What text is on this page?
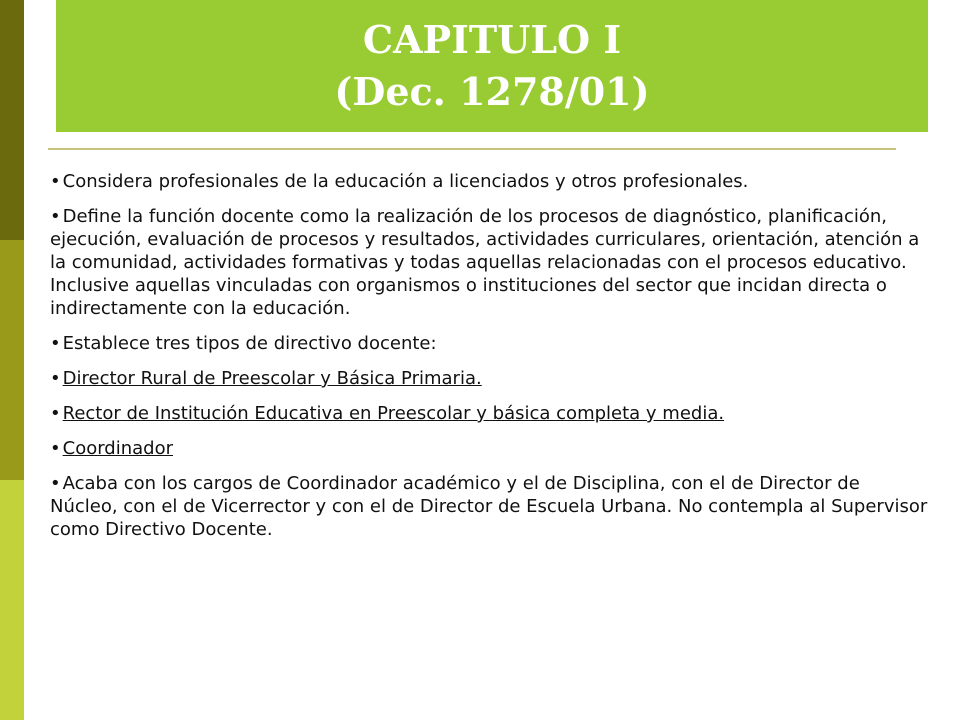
CAPITULO I
(Dec. 1278/01)

• Considera profesionales de la educación a licenciados y otros profesionales.

• Define la función docente como la realización de los procesos de diagnóstico, planificación, ejecución, evaluación de procesos y resultados, actividades curriculares, orientación, atención a la comunidad, actividades formativas y todas aquellas relacionadas con el procesos educativo. Inclusive aquellas vinculadas con organismos o instituciones del sector que incidan directa o indirectamente con la educación.

• Establece tres tipos de directivo docente:

• Director Rural de Preescolar y Básica Primaria.

• Rector de Institución Educativa en Preescolar y básica completa y media.

• Coordinador

• Acaba con los cargos de Coordinador académico y el de Disciplina, con el de Director de Núcleo, con el de Vicerrector y con el de Director de Escuela Urbana. No contempla al Supervisor como Directivo Docente.
